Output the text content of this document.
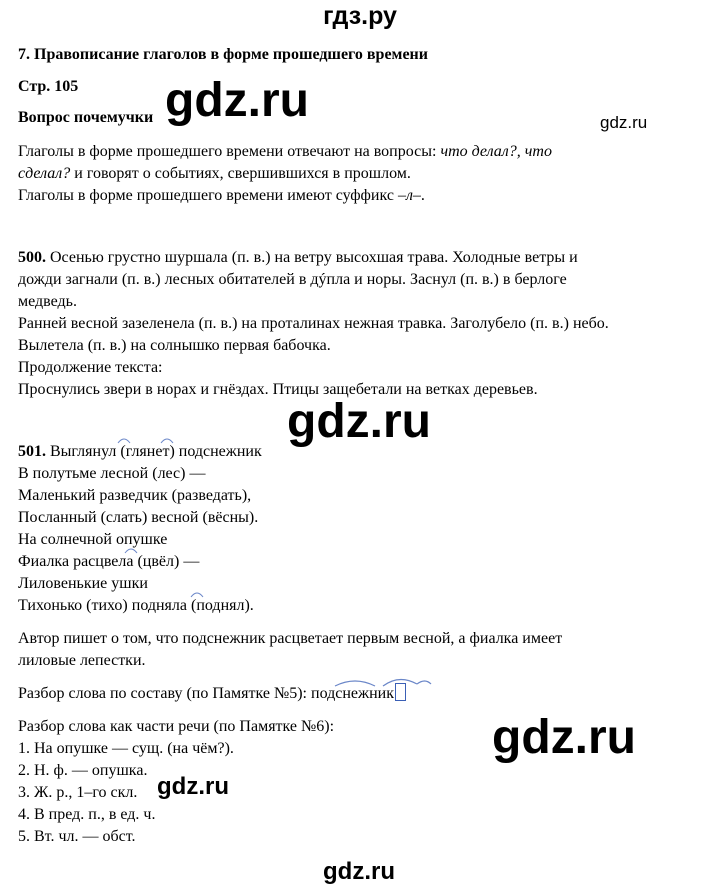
гдз.ру
7. Правописание глаголов в форме прошедшего времени
Стр. 105
Вопрос почемучки
Глаголы в форме прошедшего времени отвечают на вопросы: что делал?, что
сделал? и говорят о событиях, свершившихся в прошлом.
Глаголы в форме прошедшего времени имеют суффикс –л–.
500. Осенью грустно шуршала (п. в.) на ветру высохшая трава. Холодные ветры и
дожди загнали (п. в.) лесных обитателей в дýпла и норы. Заснул (п. в.) в берлоге
медведь.
Ранней весной зазеленела (п. в.) на проталинах нежная травка. Заголубело (п. в.) небо.
Вылетела (п. в.) на солнышко первая бабочка.
Продолжение текста:
Проснулись звери в норах и гнёздах. Птицы защебетали на ветках деревьев.
501. Выглянул (глянет) подснежник
В полутьме лесной (лес) —
Маленький разведчик (разведать),
Посланный (слать) весной (вёсны).
На солнечной опушке
Фиалка расцвела (цвёл) —
Лиловенькие ушки
Тихонько (тихо) подняла (поднял).
Автор пишет о том, что подснежник расцветает первым весной, а фиалка имеет
лиловые лепестки.
Разбор слова по составу (по Памятке №5): подснежник
Разбор слова как части речи (по Памятке №6):
1. На опушке — сущ. (на чём?).
2. Н. ф. — опушка.
3. Ж. р., 1–го скл.
4. В пред. п., в ед. ч.
5. Вт. чл. — обст.
gdz.ru	gdz.ru
gdz.ru
gdz.ru
gdz.ru
gdz.ru
